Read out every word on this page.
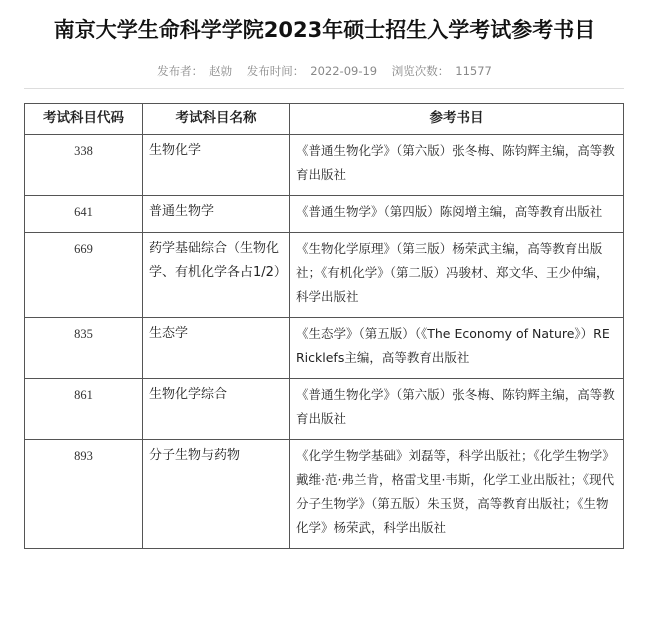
南京大学生命科学学院2023年硕士招生入学考试参考书目
发布者： 赵勍 发布时间： 2022-09-19 浏览次数： 11577
考试科目代码	考试科目名称	参考书目
338	生物化学	《普通生物化学》（第六版）张冬梅、陈钧辉主编，高等教育出版社
641	普通生物学	《普通生物学》（第四版）陈阅增主编，高等教育出版社
669	药学基础综合（生物化学、有机化学各占1/2）	《生物化学原理》（第三版）杨荣武主编，高等教育出版社；《有机化学》（第二版）冯骏材、郑文华、王少仲编，科学出版社
835	生态学	《生态学》（第五版）（《The Economy of Nature》）RE Ricklefs主编，高等教育出版社
861	生物化学综合	《普通生物化学》（第六版）张冬梅、陈钧辉主编，高等教育出版社
893	分子生物与药物	《化学生物学基础》刘磊等，科学出版社；《化学生物学》戴维·范·弗兰肯，格雷戈里·韦斯，化学工业出版社；《现代分子生物学》（第五版）朱玉贤，高等教育出版社；《生物化学》杨荣武，科学出版社
